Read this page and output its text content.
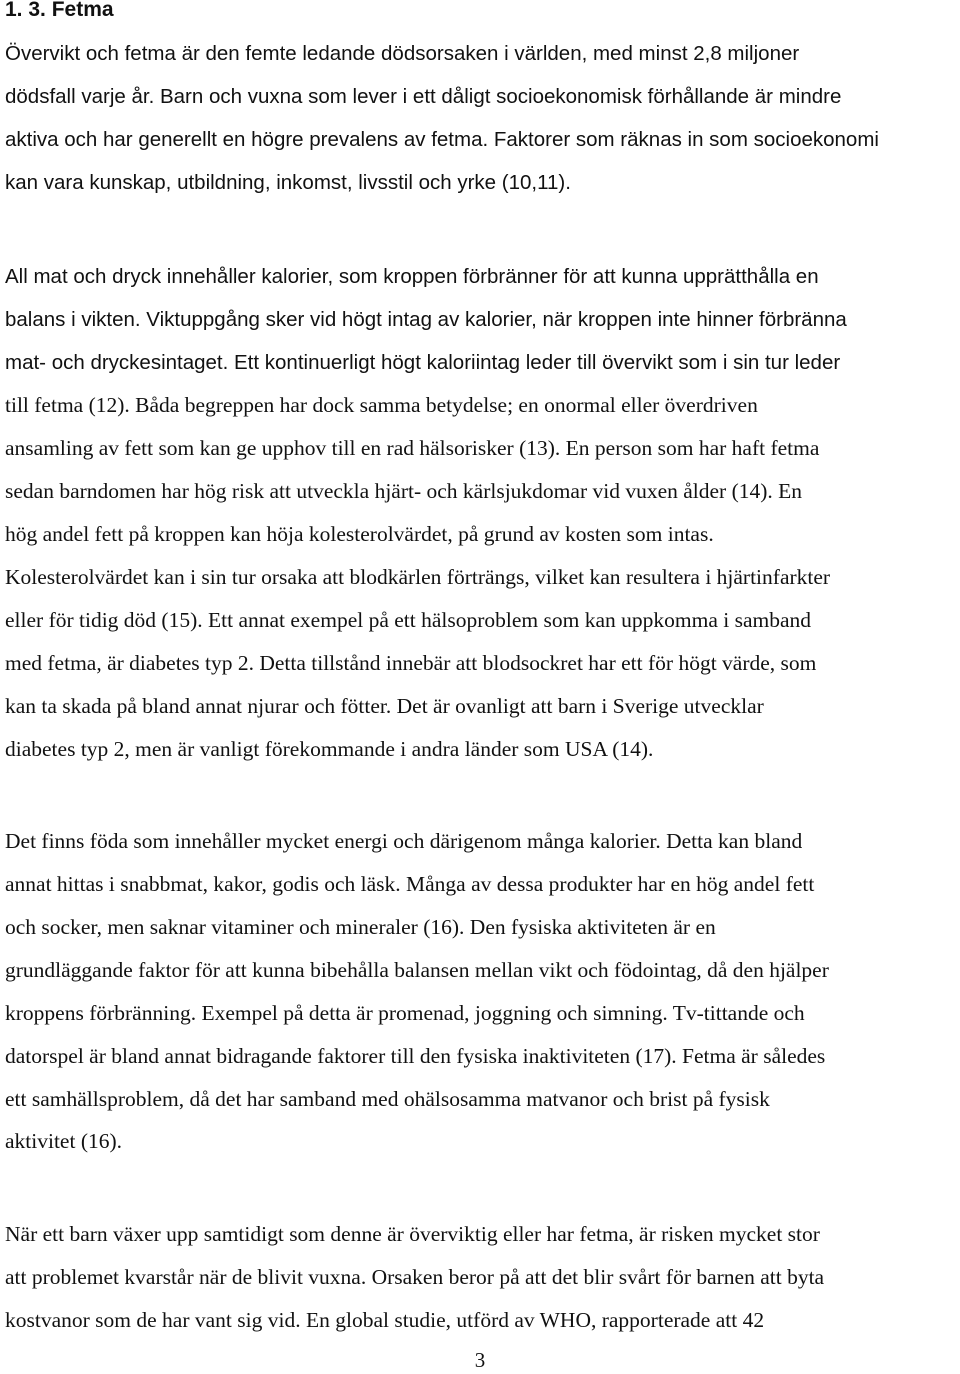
1. 3. Fetma

Övervikt och fetma är den femte ledande dödsorsaken i världen, med minst 2,8 miljoner

dödsfall varje år. Barn och vuxna som lever i ett dåligt socioekonomisk förhållande är mindre

aktiva och har generellt en högre prevalens av fetma. Faktorer som räknas in som socioekonomi

kan vara kunskap, utbildning, inkomst, livsstil och yrke (10,11).

All mat och dryck innehåller kalorier, som kroppen förbränner för att kunna upprätthålla en

balans i vikten. Viktuppgång sker vid högt intag av kalorier, när kroppen inte hinner förbränna

mat- och dryckesintaget. Ett kontinuerligt högt kaloriintag leder till övervikt som i sin tur leder

till fetma (12). Båda begreppen har dock samma betydelse; en onormal eller överdriven

ansamling av fett som kan ge upphov till en rad hälsorisker (13). En person som har haft fetma

sedan barndomen har hög risk att utveckla hjärt- och kärlsjukdomar vid vuxen ålder (14). En

hög andel fett på kroppen kan höja kolesterolvärdet, på grund av kosten som intas.

Kolesterolvärdet kan i sin tur orsaka att blodkärlen förträngs, vilket kan resultera i hjärtinfarkter

eller för tidig död (15). Ett annat exempel på ett hälsoproblem som kan uppkomma i samband

med fetma, är diabetes typ 2. Detta tillstånd innebär att blodsockret har ett för högt värde, som

kan ta skada på bland annat njurar och fötter. Det är ovanligt att barn i Sverige utvecklar

diabetes typ 2, men är vanligt förekommande i andra länder som USA (14).

Det finns föda som innehåller mycket energi och därigenom många kalorier. Detta kan bland

annat hittas i snabbmat, kakor, godis och läsk. Många av dessa produkter har en hög andel fett

och socker, men saknar vitaminer och mineraler (16). Den fysiska aktiviteten är en

grundläggande faktor för att kunna bibehålla balansen mellan vikt och födointag, då den hjälper

kroppens förbränning. Exempel på detta är promenad, joggning och simning. Tv-tittande och

datorspel är bland annat bidragande faktorer till den fysiska inaktiviteten (17). Fetma är således

ett samhällsproblem, då det har samband med ohälsosamma matvanor och brist på fysisk

aktivitet (16).

När ett barn växer upp samtidigt som denne är överviktig eller har fetma, är risken mycket stor

att problemet kvarstår när de blivit vuxna. Orsaken beror på att det blir svårt för barnen att byta

kostvanor som de har vant sig vid. En global studie, utförd av WHO, rapporterade att 42

3
